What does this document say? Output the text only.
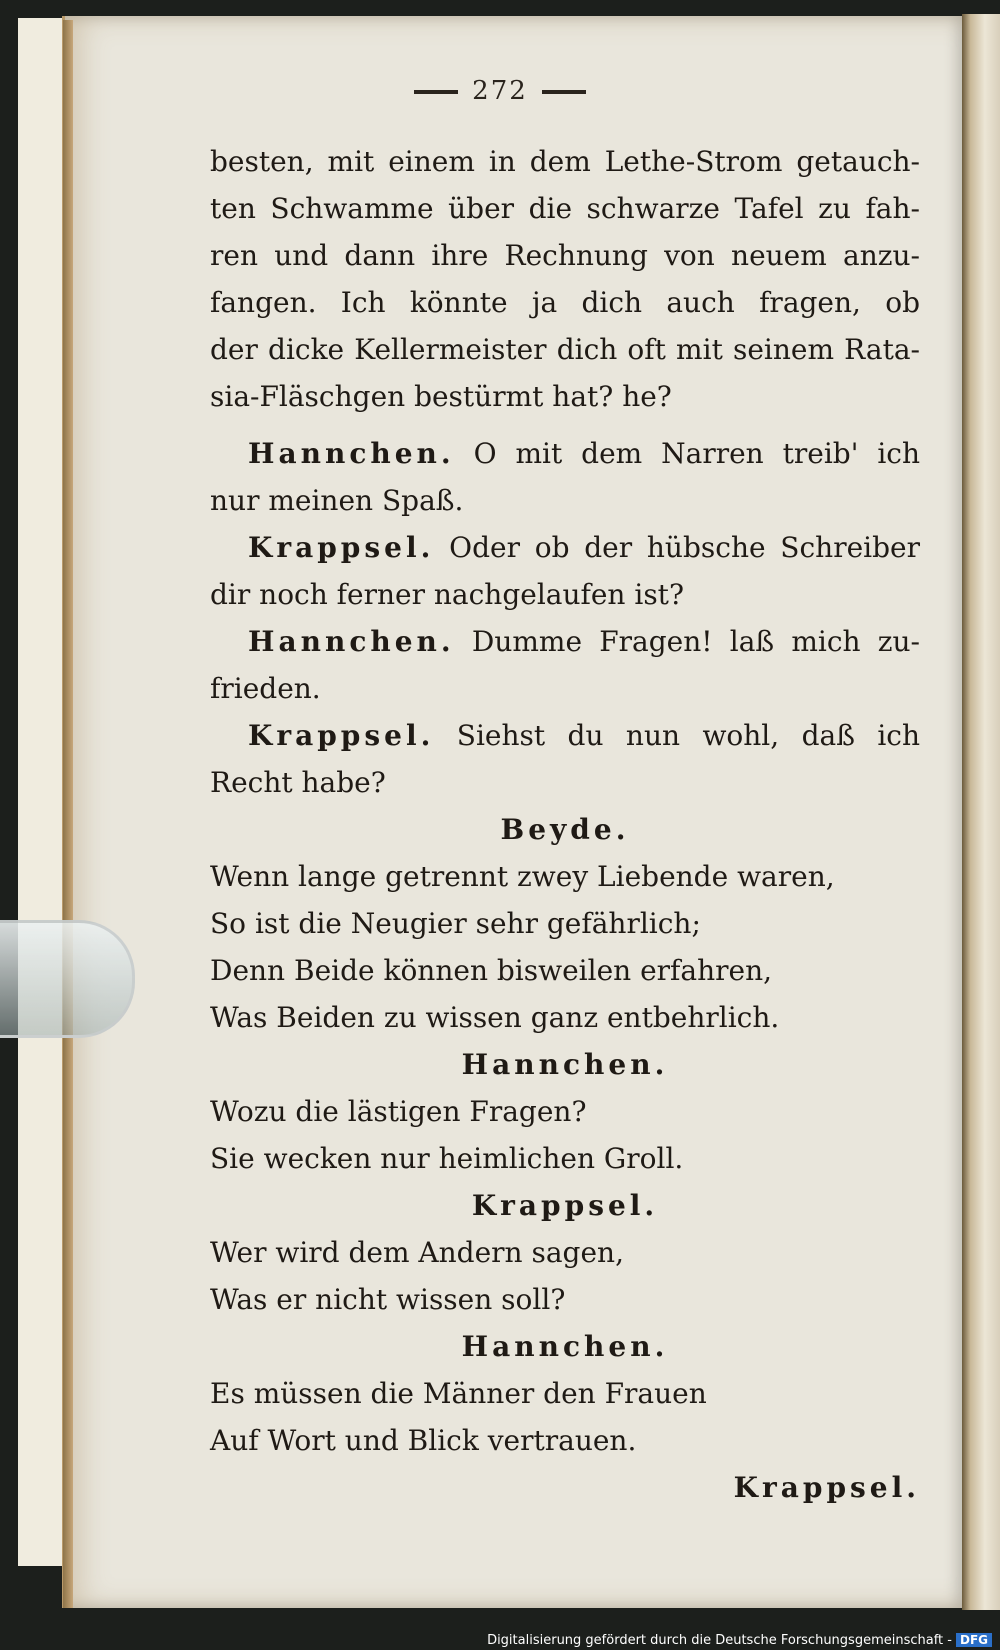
272
besten, mit einem in dem Lethe-Strom getauch-
ten Schwamme über die schwarze Tafel zu fah-
ren und dann ihre Rechnung von neuem anzu-
fangen. Ich könnte ja dich auch fragen, ob
der dicke Kellermeister dich oft mit seinem Rata-
sia-Fläschgen bestürmt hat? he?
Hannchen. O mit dem Narren treib' ich
nur meinen Spaß.
Krappsel. Oder ob der hübsche Schreiber
dir noch ferner nachgelaufen ist?
Hannchen. Dumme Fragen! laß mich zu-
frieden.
Krappsel. Siehst du nun wohl, daß ich
Recht habe?
Beyde.
Wenn lange getrennt zwey Liebende waren,
So ist die Neugier sehr gefährlich;
Denn Beide können bisweilen erfahren,
Was Beiden zu wissen ganz entbehrlich.
Hannchen.
Wozu die lästigen Fragen?
Sie wecken nur heimlichen Groll.
Krappsel.
Wer wird dem Andern sagen,
Was er nicht wissen soll?
Hannchen.
Es müssen die Männer den Frauen
Auf Wort und Blick vertrauen.
Krappsel.
Digitalisierung gefördert durch die Deutsche Forschungsgemeinschaft - DFG
